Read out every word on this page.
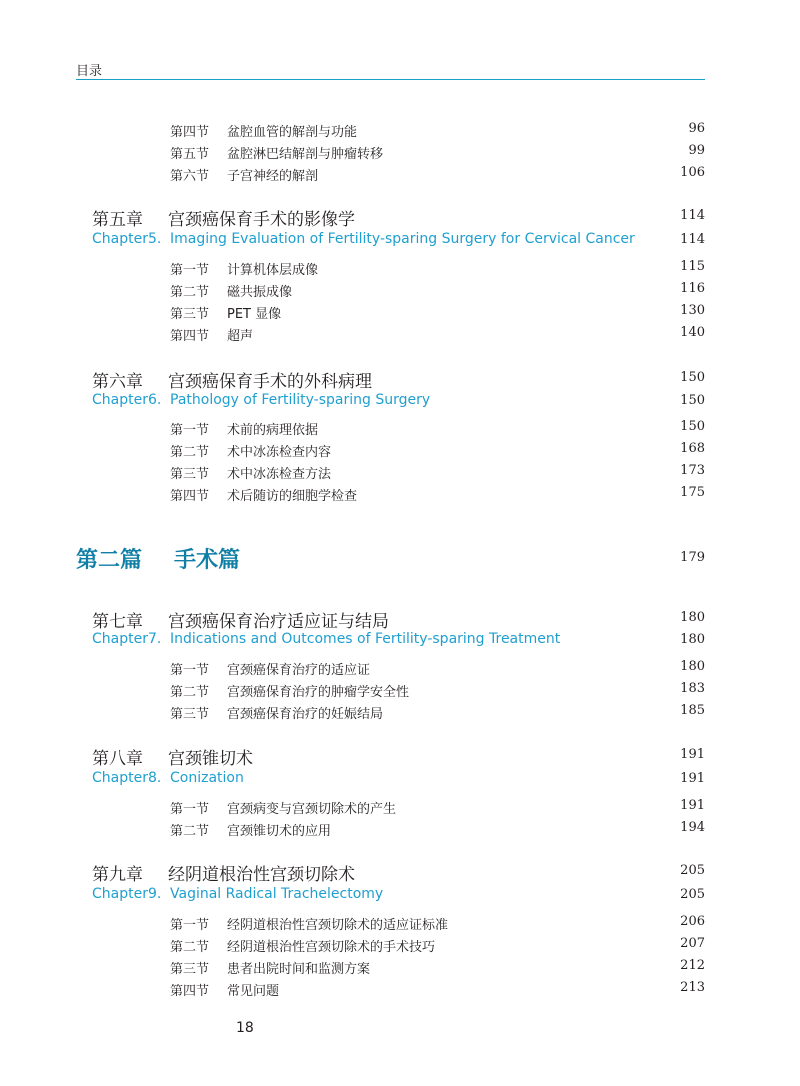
目录
第四节 盆腔血管的解剖与功能	96
第五节 盆腔淋巴结解剖与肿瘤转移	99
第六节 子宫神经的解剖	106
第五章 宫颈癌保育手术的影像学	114
Chapter5. Imaging Evaluation of Fertility-sparing Surgery for Cervical Cancer	114
第一节 计算机体层成像	115
第二节 磁共振成像	116
第三节 PET 显像	130
第四节 超声	140
第六章 宫颈癌保育手术的外科病理	150
Chapter6. Pathology of Fertility-sparing Surgery	150
第一节 术前的病理依据	150
第二节 术中冰冻检查内容	168
第三节 术中冰冻检查方法	173
第四节 术后随访的细胞学检查	175
第二篇 手术篇	179
第七章 宫颈癌保育治疗适应证与结局	180
Chapter7. Indications and Outcomes of Fertility-sparing Treatment	180
第一节 宫颈癌保育治疗的适应证	180
第二节 宫颈癌保育治疗的肿瘤学安全性	183
第三节 宫颈癌保育治疗的妊娠结局	185
第八章 宫颈锥切术	191
Chapter8. Conization	191
第一节 宫颈病变与宫颈切除术的产生	191
第二节 宫颈锥切术的应用	194
第九章 经阴道根治性宫颈切除术	205
Chapter9. Vaginal Radical Trachelectomy	205
第一节 经阴道根治性宫颈切除术的适应证标准	206
第二节 经阴道根治性宫颈切除术的手术技巧	207
第三节 患者出院时间和监测方案	212
第四节 常见问题	213
18
